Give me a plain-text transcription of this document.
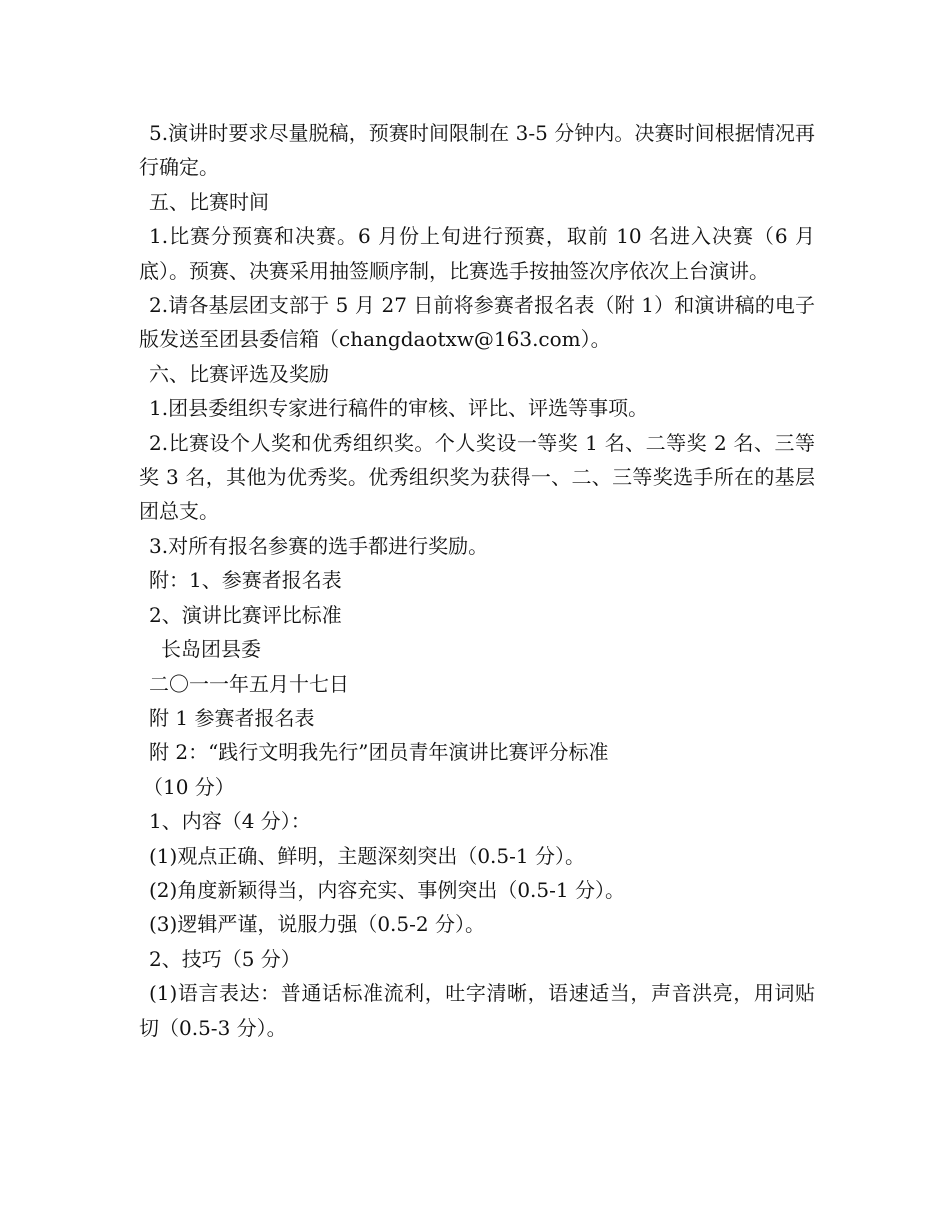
5.演讲时要求尽量脱稿，预赛时间限制在 3-5 分钟内。决赛时间根据情况再行确定。

五、比赛时间

1.比赛分预赛和决赛。6 月份上旬进行预赛，取前 10 名进入决赛（6 月底）。预赛、决赛采用抽签顺序制，比赛选手按抽签次序依次上台演讲。

2.请各基层团支部于 5 月 27 日前将参赛者报名表（附 1）和演讲稿的电子版发送至团县委信箱（changdaotxw@163.com）。

六、比赛评选及奖励

1.团县委组织专家进行稿件的审核、评比、评选等事项。

2.比赛设个人奖和优秀组织奖。个人奖设一等奖 1 名、二等奖 2 名、三等奖 3 名，其他为优秀奖。优秀组织奖为获得一、二、三等奖选手所在的基层团总支。

3.对所有报名参赛的选手都进行奖励。

附：1、参赛者报名表

2、演讲比赛评比标准

长岛团县委

二〇一一年五月十七日

附 1 参赛者报名表

附 2：“践行文明我先行”团员青年演讲比赛评分标准

（10 分）

1、内容（4 分）：

(1)观点正确、鲜明，主题深刻突出（0.5-1 分）。

(2)角度新颖得当，内容充实、事例突出（0.5-1 分）。

(3)逻辑严谨，说服力强（0.5-2 分）。

2、技巧（5 分）

(1)语言表达：普通话标准流利，吐字清晰，语速适当，声音洪亮，用词贴切（0.5-3 分）。
